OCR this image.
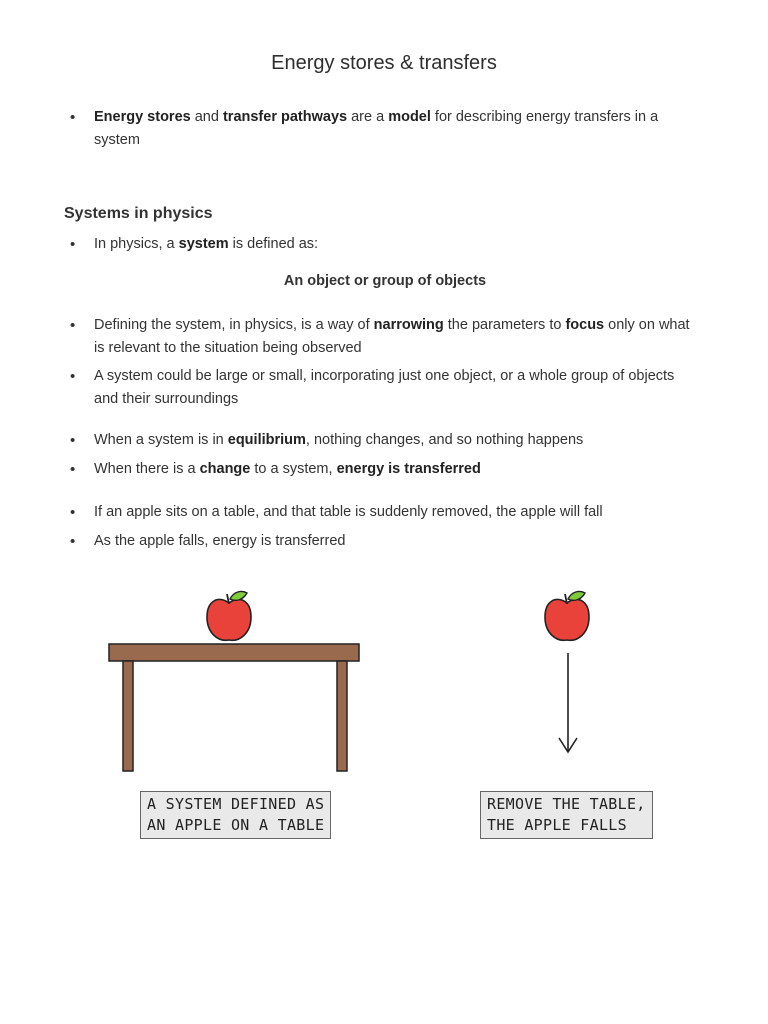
Energy stores & transfers
• Energy stores and transfer pathways are a model for describing energy transfers in a system
Systems in physics
• In physics, a system is defined as:
An object or group of objects
• Defining the system, in physics, is a way of narrowing the parameters to focus only on what is relevant to the situation being observed
• A system could be large or small, incorporating just one object, or a whole group of objects and their surroundings
• When a system is in equilibrium, nothing changes, and so nothing happens
• When there is a change to a system, energy is transferred
• If an apple sits on a table, and that table is suddenly removed, the apple will fall
• As the apple falls, energy is transferred
A SYSTEM DEFINED AS
AN APPLE ON A TABLE
REMOVE THE TABLE,
THE APPLE FALLS
